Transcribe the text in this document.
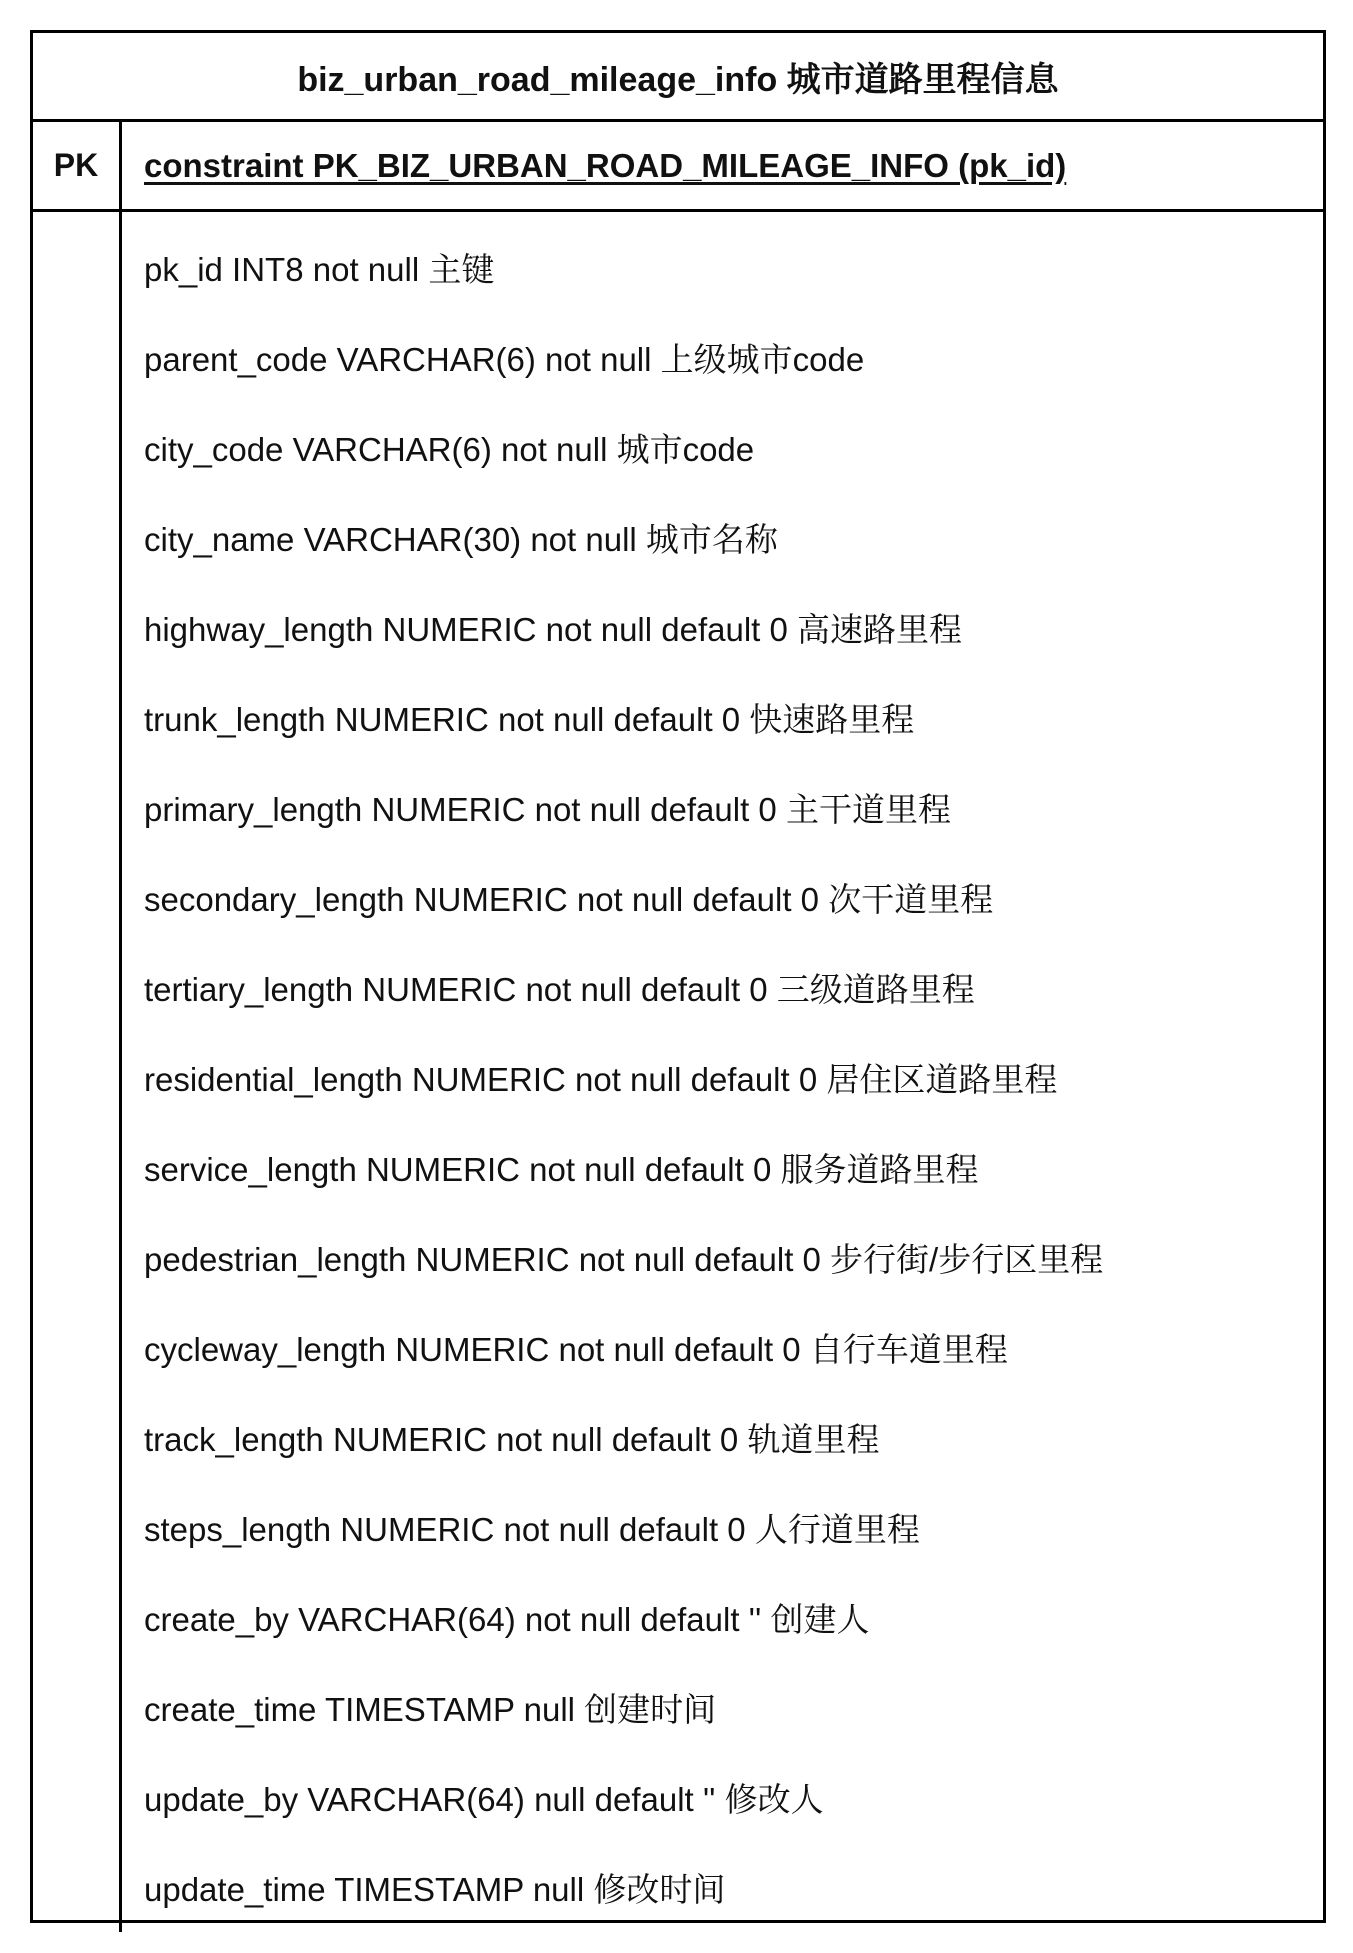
biz_urban_road_mileage_info 城市道路里程信息
PK	constraint PK_BIZ_URBAN_ROAD_MILEAGE_INFO (pk_id)
pk_id INT8 not null 主键
parent_code VARCHAR(6) not null 上级城市code
city_code VARCHAR(6) not null 城市code
city_name VARCHAR(30) not null 城市名称
highway_length NUMERIC not null default 0 高速路里程
trunk_length NUMERIC not null default 0 快速路里程
primary_length NUMERIC not null default 0 主干道里程
secondary_length NUMERIC not null default 0 次干道里程
tertiary_length NUMERIC not null default 0 三级道路里程
residential_length NUMERIC not null default 0 居住区道路里程
service_length NUMERIC not null default 0 服务道路里程
pedestrian_length NUMERIC not null default 0 步行街/步行区里程
cycleway_length NUMERIC not null default 0 自行车道里程
track_length NUMERIC not null default 0 轨道里程
steps_length NUMERIC not null default 0 人行道里程
create_by VARCHAR(64) not null default '' 创建人
create_time TIMESTAMP null 创建时间
update_by VARCHAR(64) null default '' 修改人
update_time TIMESTAMP null 修改时间
